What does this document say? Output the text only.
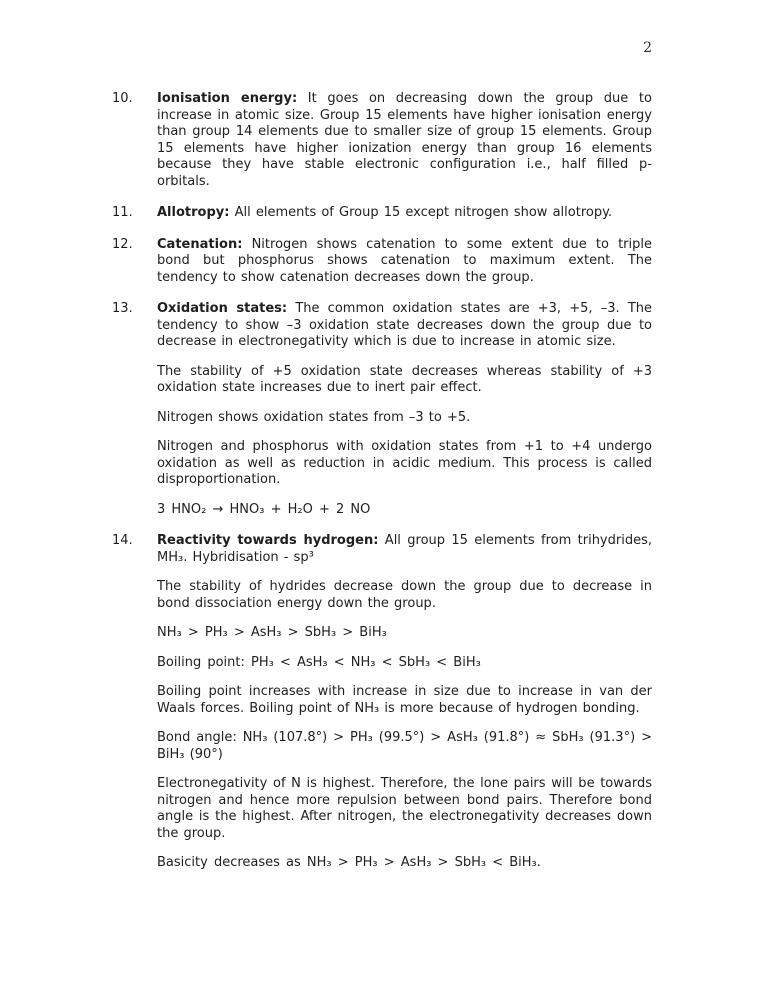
2
10.	Ionisation energy: It goes on decreasing down the group due to increase in atomic size. Group 15 elements have higher ionisation energy than group 14 elements due to smaller size of group 15 elements. Group 15 elements have higher ionization energy than group 16 elements because they have stable electronic configuration i.e., half filled p-orbitals.

11.	Allotropy: All elements of Group 15 except nitrogen show allotropy.

12.	Catenation: Nitrogen shows catenation to some extent due to triple bond but phosphorus shows catenation to maximum extent. The tendency to show catenation decreases down the group.

13.	Oxidation states: The common oxidation states are +3, +5, –3. The tendency to show –3 oxidation state decreases down the group due to decrease in electronegativity which is due to increase in atomic size.

The stability of +5 oxidation state decreases whereas stability of +3 oxidation state increases due to inert pair effect.

Nitrogen shows oxidation states from –3 to +5.

Nitrogen and phosphorus with oxidation states from +1 to +4 undergo oxidation as well as reduction in acidic medium. This process is called disproportionation.

3 HNO₂ → HNO₃ + H₂O + 2 NO

14.	Reactivity towards hydrogen: All group 15 elements from trihydrides, MH₃. Hybridisation - sp³

The stability of hydrides decrease down the group due to decrease in bond dissociation energy down the group.

NH₃ > PH₃ > AsH₃ > SbH₃ > BiH₃

Boiling point: PH₃ < AsH₃ < NH₃ < SbH₃ < BiH₃

Boiling point increases with increase in size due to increase in van der Waals forces. Boiling point of NH₃ is more because of hydrogen bonding.

Bond angle: NH₃ (107.8°) > PH₃ (99.5°) > AsH₃ (91.8°) ≈ SbH₃ (91.3°) > BiH₃ (90°)

Electronegativity of N is highest. Therefore, the lone pairs will be towards nitrogen and hence more repulsion between bond pairs. Therefore bond angle is the highest. After nitrogen, the electronegativity decreases down the group.

Basicity decreases as NH₃ > PH₃ > AsH₃ > SbH₃ < BiH₃.
